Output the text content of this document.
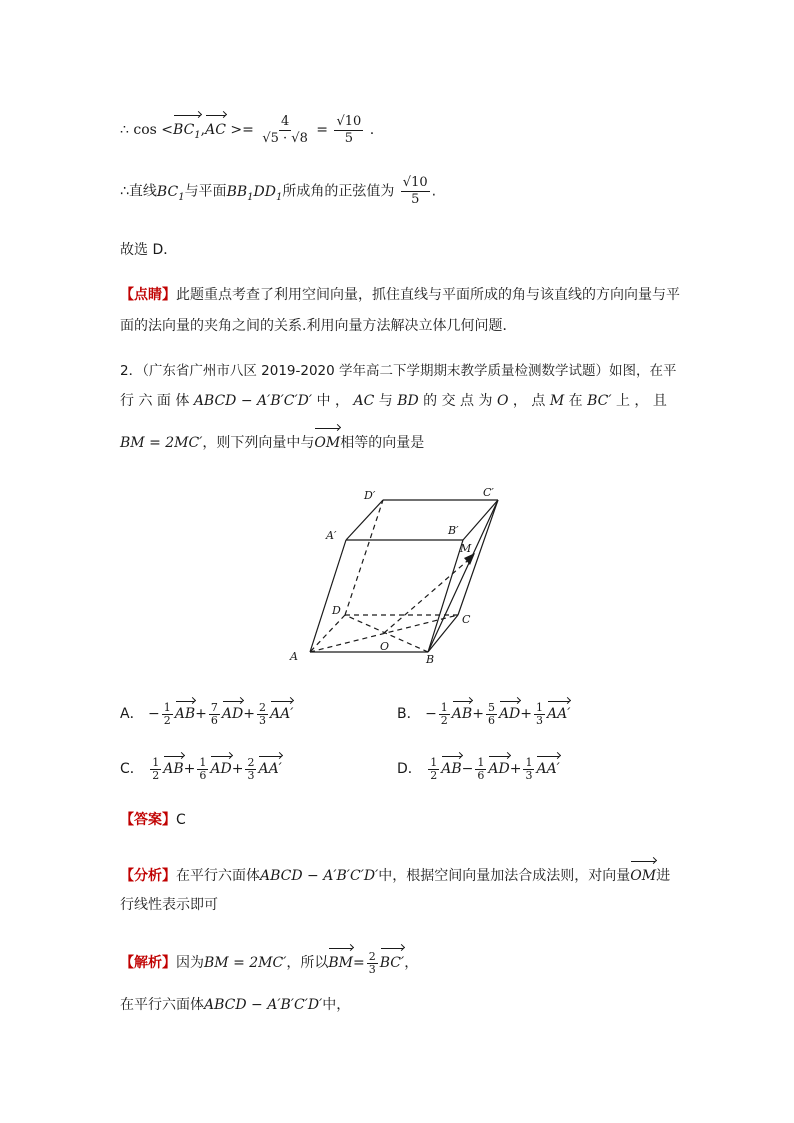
∴ $\cos <BC_1,AC >= \frac{4}{√5 \cdot √8} = \frac{√10}{5}$ .
∴直线$BC_1$与平面$BB_1DD_1$所成角的正弦值为 $\frac{√10}{5}$ .
故选 D．
【点睛】此题重点考查了利用空间向量，抓住直线与平面所成的角与该直线的方向向量与平
面的法向量的夹角之间的关系.利用向量方法解决立体几何问题．
2．（广东省广州市八区 2019-2020 学年高二下学期期末教学质量检测数学试题）如图，在平
行 六 面 体 ABCD − A′B′C′D′ 中 ， AC 与 BD 的 交 点 为 O ， 点 M 在 BC′ 上 ， 且
BM = 2MC′，则下列向量中与OM相等的向量是
A	B
C
D
A′	B′
C′
D′
O
M
A． − $\frac{1}{2} AB+ \frac{7}{6} AD+ \frac{2}{3} AA'$	B． − $\frac{1}{2} AB+ \frac{5}{6} AD+ \frac{1}{3} AA'$
C． $\frac{1}{2} AB+ \frac{1}{6} AD+ \frac{2}{3} AA'$	D． $\frac{1}{2} AB- \frac{1}{6} AD+ \frac{1}{3} AA'$
【答案】C
【分析】在平行六面体ABCD − A′B′C′D′中，根据空间向量加法合成法则，对向量OM进
行线性表示即可
【解析】因为BM = 2MC′，所以$BM= \frac{2}{3} BC'$，
在平行六面体ABCD − A′B′C′D′中，
